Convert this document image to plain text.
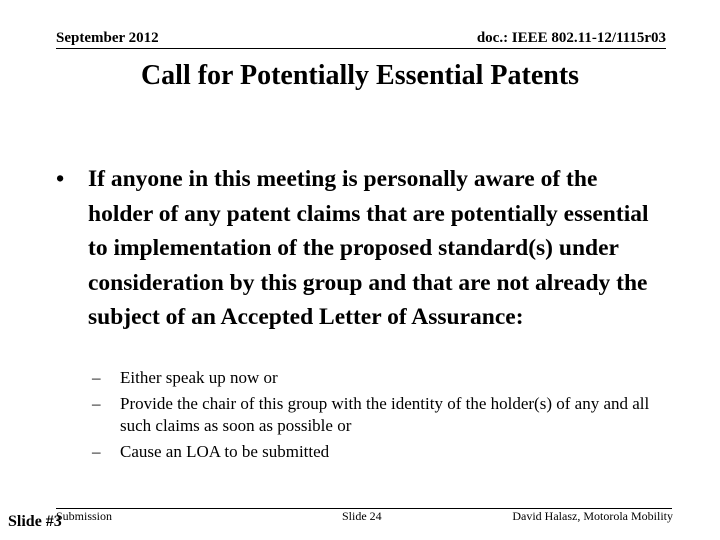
September 2012	doc.: IEEE 802.11-12/1115r03
Call for Potentially Essential Patents
• If anyone in this meeting is personally aware of the holder of any patent claims that are potentially essential to implementation of the proposed standard(s) under consideration by this group and that are not already the subject of an Accepted Letter of Assurance:
– Either speak up now or
– Provide the chair of this group with the identity of the holder(s) of any and all such claims as soon as possible or
– Cause an LOA to be submitted
Submission
Slide #3	Slide 24	David Halasz, Motorola Mobility
